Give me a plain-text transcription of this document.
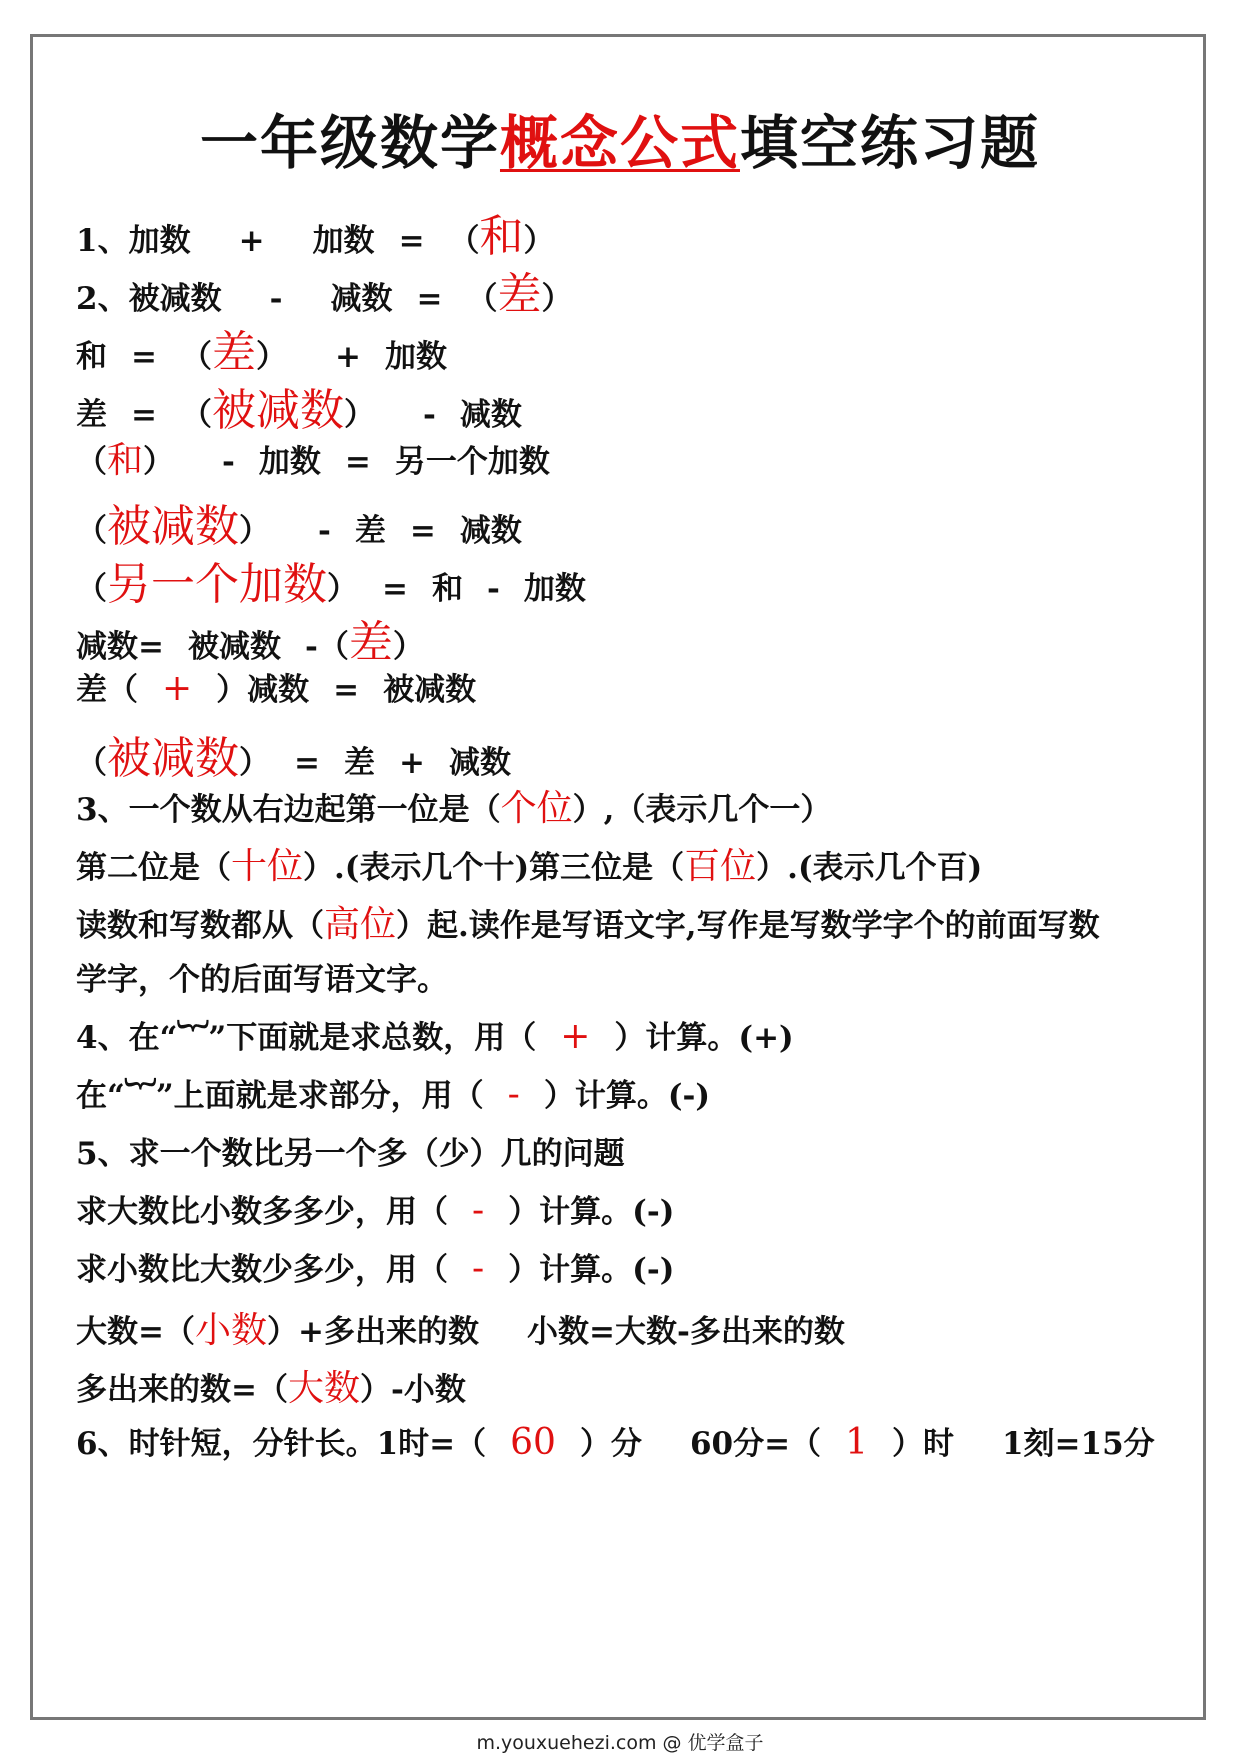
一年级数学概念公式填空练习题
1、加数 + 加数 = （ 和 ）
2、被减数 - 减数 = （ 差 ）
和 = （ 差 ） + 加数
差 = （ 被减数 ） - 减数
（ 和 ） - 加数 = 另一个加数
（ 被减数 ） - 差 = 减数
（ 另一个加数 ） = 和 - 加数
减数= 被减数 - （ 差 ）
差 （ + ） 减数 = 被减数
（ 被减数 ） = 差 + 减数
3、一个数从右边起第一位是 （ 个位 ）,（表示几个一）
第二位是 （ 十位 ）.(表示几个十)第三位是 （ 百位 ）.(表示几个百)
读数和写数都从 （ 高位 ）起.读作是写语文字,写作是写数学字个的前面写数
学字，个的后面写语文字。
4、在“︸”下面就是求总数，用（ + ）计算。(+)
在“︸”上面就是求部分，用（ - ）计算。(-)
5、求一个数比另一个多（少）几的问题
求大数比小数多多少，用（ - ）计算。(-)
求小数比大数少多少，用（ - ）计算。(-)
大数= （ 小数 ）+多出来的数 小数=大数-多出来的数
多出来的数= （ 大数 ）-小数
6、时针短，分针长。1时=（ 60 ）分 60分=（ 1 ）时 1刻=15分
m.youxuehezi.com @ 优学盒子
